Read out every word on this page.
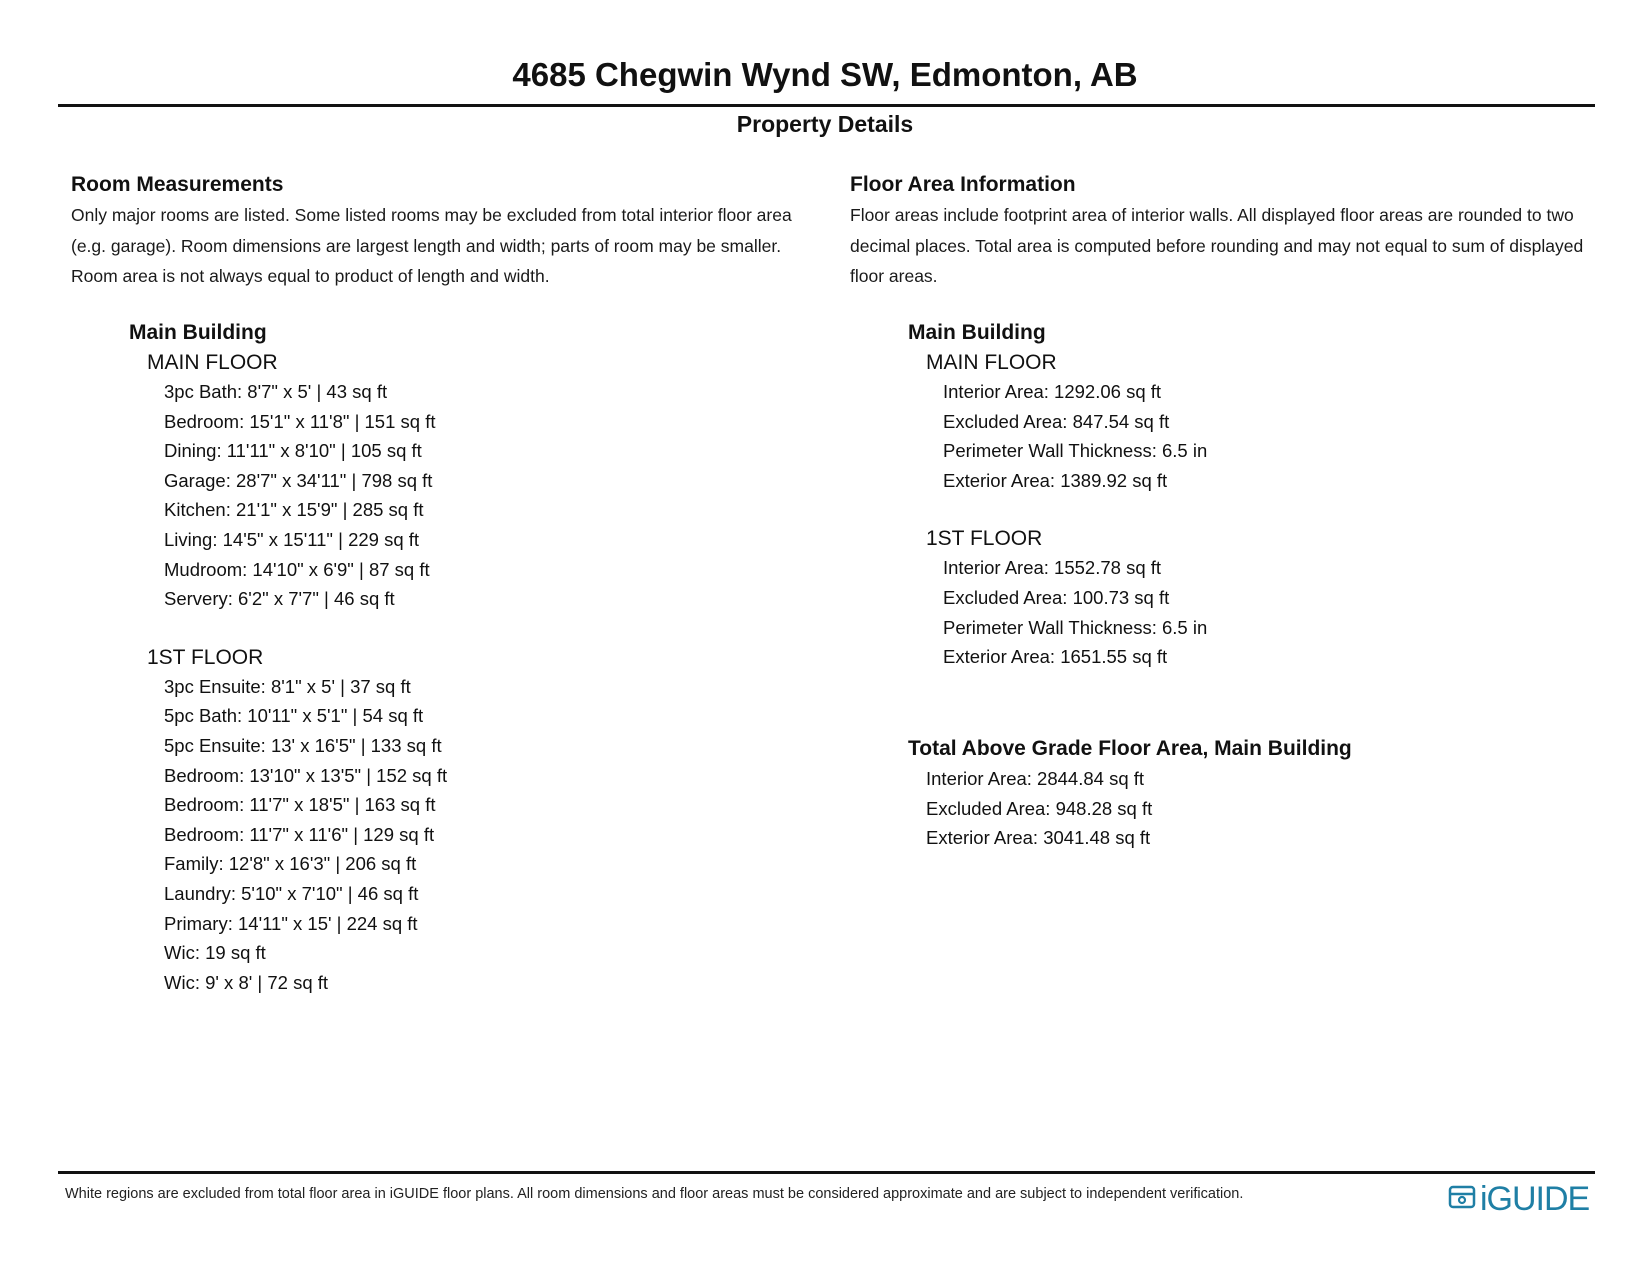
4685 Chegwin Wynd SW, Edmonton, AB
Property Details

Room Measurements

Only major rooms are listed. Some listed rooms may be excluded from total interior floor area (e.g. garage). Room dimensions are largest length and width; parts of room may be smaller. Room area is not always equal to product of length and width.

Main Building
MAIN FLOOR
3pc Bath: 8'7" x 5' | 43 sq ft
Bedroom: 15'1" x 11'8" | 151 sq ft
Dining: 11'11" x 8'10" | 105 sq ft
Garage: 28'7" x 34'11" | 798 sq ft
Kitchen: 21'1" x 15'9" | 285 sq ft
Living: 14'5" x 15'11" | 229 sq ft
Mudroom: 14'10" x 6'9" | 87 sq ft
Servery: 6'2" x 7'7" | 46 sq ft
1ST FLOOR
3pc Ensuite: 8'1" x 5' | 37 sq ft
5pc Bath: 10'11" x 5'1" | 54 sq ft
5pc Ensuite: 13' x 16'5" | 133 sq ft
Bedroom: 13'10" x 13'5" | 152 sq ft
Bedroom: 11'7" x 18'5" | 163 sq ft
Bedroom: 11'7" x 11'6" | 129 sq ft
Family: 12'8" x 16'3" | 206 sq ft
Laundry: 5'10" x 7'10" | 46 sq ft
Primary: 14'11" x 15' | 224 sq ft
Wic: 19 sq ft
Wic: 9' x 8' | 72 sq ft

Floor Area Information

Floor areas include footprint area of interior walls. All displayed floor areas are rounded to two decimal places. Total area is computed before rounding and may not equal to sum of displayed floor areas.

Main Building
MAIN FLOOR
Interior Area: 1292.06 sq ft
Excluded Area: 847.54 sq ft
Perimeter Wall Thickness: 6.5 in
Exterior Area: 1389.92 sq ft
1ST FLOOR
Interior Area: 1552.78 sq ft
Excluded Area: 100.73 sq ft
Perimeter Wall Thickness: 6.5 in
Exterior Area: 1651.55 sq ft
Total Above Grade Floor Area, Main Building
Interior Area: 2844.84 sq ft
Excluded Area: 948.28 sq ft
Exterior Area: 3041.48 sq ft
White regions are excluded from total floor area in iGUIDE floor plans. All room dimensions and floor areas must be considered approximate and are subject to independent verification.	iGUIDE
